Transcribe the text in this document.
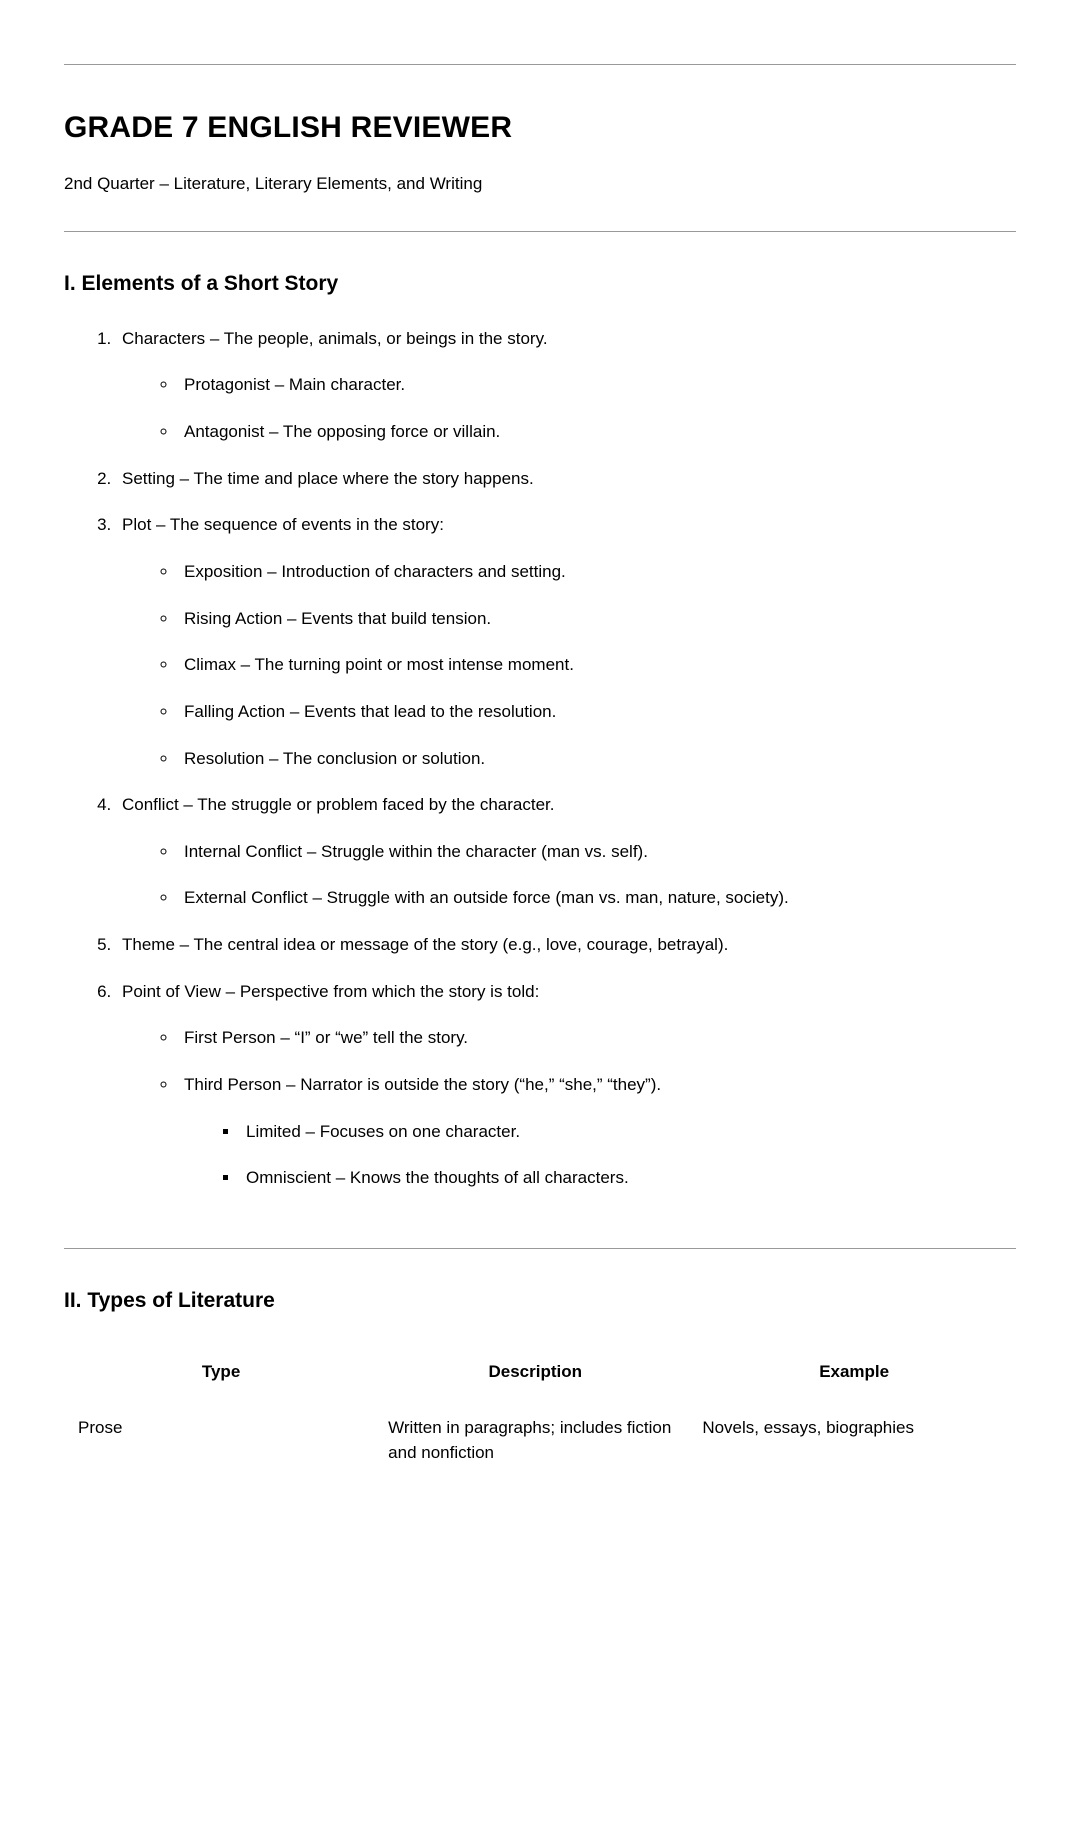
GRADE 7 ENGLISH REVIEWER

2nd Quarter – Literature, Literary Elements, and Writing

I. Elements of a Short Story
1. Characters – The people, animals, or beings in the story.
◦ Protagonist – Main character.
◦ Antagonist – The opposing force or villain.
2. Setting – The time and place where the story happens.
3. Plot – The sequence of events in the story:
◦ Exposition – Introduction of characters and setting.
◦ Rising Action – Events that build tension.
◦ Climax – The turning point or most intense moment.
◦ Falling Action – Events that lead to the resolution.
◦ Resolution – The conclusion or solution.
4. Conflict – The struggle or problem faced by the character.
◦ Internal Conflict – Struggle within the character (man vs. self).
◦ External Conflict – Struggle with an outside force (man vs. man, nature, society).
5. Theme – The central idea or message of the story (e.g., love, courage, betrayal).
6. Point of View – Perspective from which the story is told:
◦ First Person – “I” or “we” tell the story.
◦ Third Person – Narrator is outside the story (“he,” “she,” “they”).
▪ Limited – Focuses on one character.
▪ Omniscient – Knows the thoughts of all characters.
II. Types of Literature
Type	Description	Example
Prose	Written in paragraphs; includes fiction and nonfiction	Novels, essays, biographies
